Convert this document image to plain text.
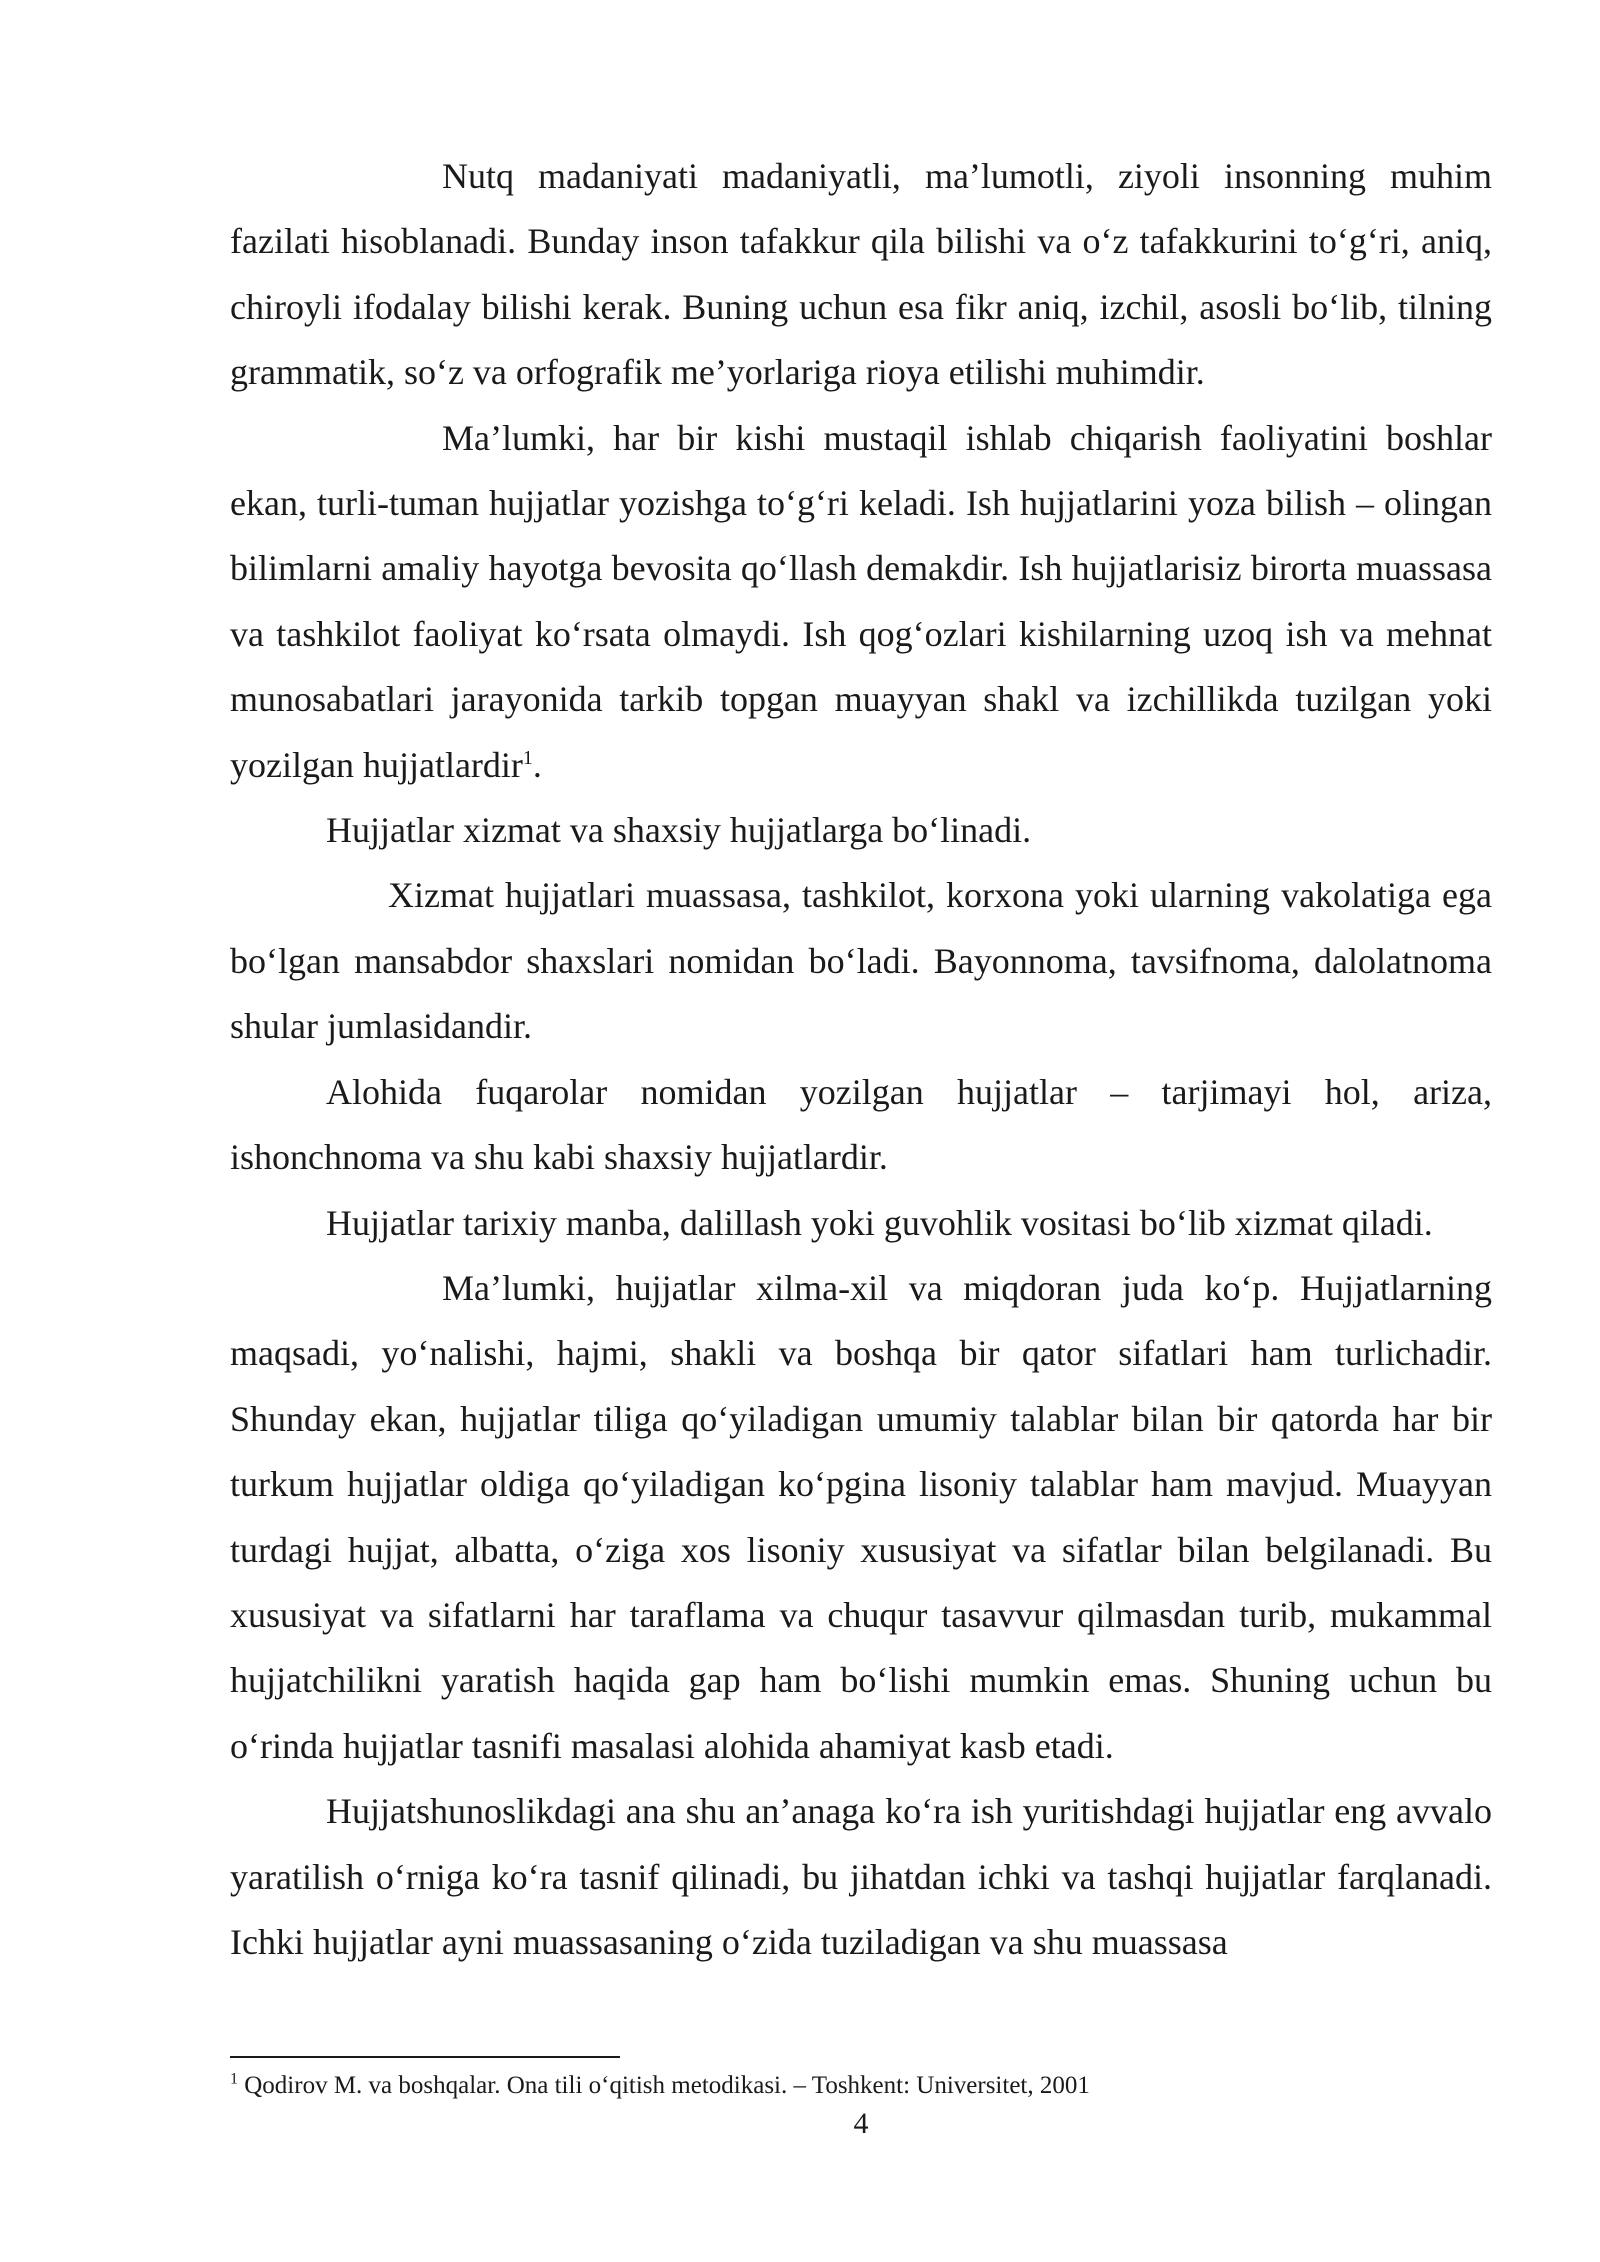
Nutq madaniyati madaniyatli, ma’lumotli, ziyoli insonning muhim fazilati hisoblanadi. Bunday inson tafakkur qila bilishi va o‘z tafakkurini to‘g‘ri, aniq, chiroyli ifodalay bilishi kerak. Buning uchun esa fikr aniq, izchil, asosli bo‘lib, tilning grammatik, so‘z va orfografik me’yorlariga rioya etilishi muhimdir.

Ma’lumki, har bir kishi mustaqil ishlab chiqarish faoliyatini boshlar ekan, turli-tuman hujjatlar yozishga to‘g‘ri keladi. Ish hujjatlarini yoza bilish – olingan bilimlarni amaliy hayotga bevosita qo‘llash demakdir. Ish hujjatlarisiz birorta muassasa va tashkilot faoliyat ko‘rsata olmaydi. Ish qog‘ozlari kishilarning uzoq ish va mehnat munosabatlari jarayonida tarkib topgan muayyan shakl va izchillikda tuzilgan yoki yozilgan hujjatlardir$^1$.

Hujjatlar xizmat va shaxsiy hujjatlarga bo‘linadi.

Xizmat hujjatlari muassasa, tashkilot, korxona yoki ularning vakolatiga ega bo‘lgan mansabdor shaxslari nomidan bo‘ladi. Bayonnoma, tavsifnoma, dalolatnoma shular jumlasidandir.

Alohida fuqarolar nomidan yozilgan hujjatlar – tarjimayi hol, ariza, ishonchnoma va shu kabi shaxsiy hujjatlardir.

Hujjatlar tarixiy manba, dalillash yoki guvohlik vositasi bo‘lib xizmat qiladi.

Ma’lumki, hujjatlar xilma-xil va miqdoran juda ko‘p. Hujjatlarning maqsadi, yo‘nalishi, hajmi, shakli va boshqa bir qator sifatlari ham turlichadir. Shunday ekan, hujjatlar tiliga qo‘yiladigan umumiy talablar bilan bir qatorda har bir turkum hujjatlar oldiga qo‘yiladigan ko‘pgina lisoniy talablar ham mavjud. Muayyan turdagi hujjat, albatta, o‘ziga xos lisoniy xususiyat va sifatlar bilan belgilanadi. Bu xususiyat va sifatlarni har taraflama va chuqur tasavvur qilmasdan turib, mukammal hujjatchilikni yaratish haqida gap ham bo‘lishi mumkin emas. Shuning uchun bu o‘rinda hujjatlar tasnifi masalasi alohida ahamiyat kasb etadi.

Hujjatshunoslikdagi ana shu an’anaga ko‘ra ish yuritishdagi hujjatlar eng avvalo yaratilish o‘rniga ko‘ra tasnif qilinadi, bu jihatdan ichki va tashqi hujjatlar farqlanadi. Ichki hujjatlar ayni muassasaning o‘zida tuziladigan va shu muassasa

$^1$ Qodirov M. va boshqalar. Ona tili o‘qitish metodikasi. – Toshkent: Universitet, 2001
4
